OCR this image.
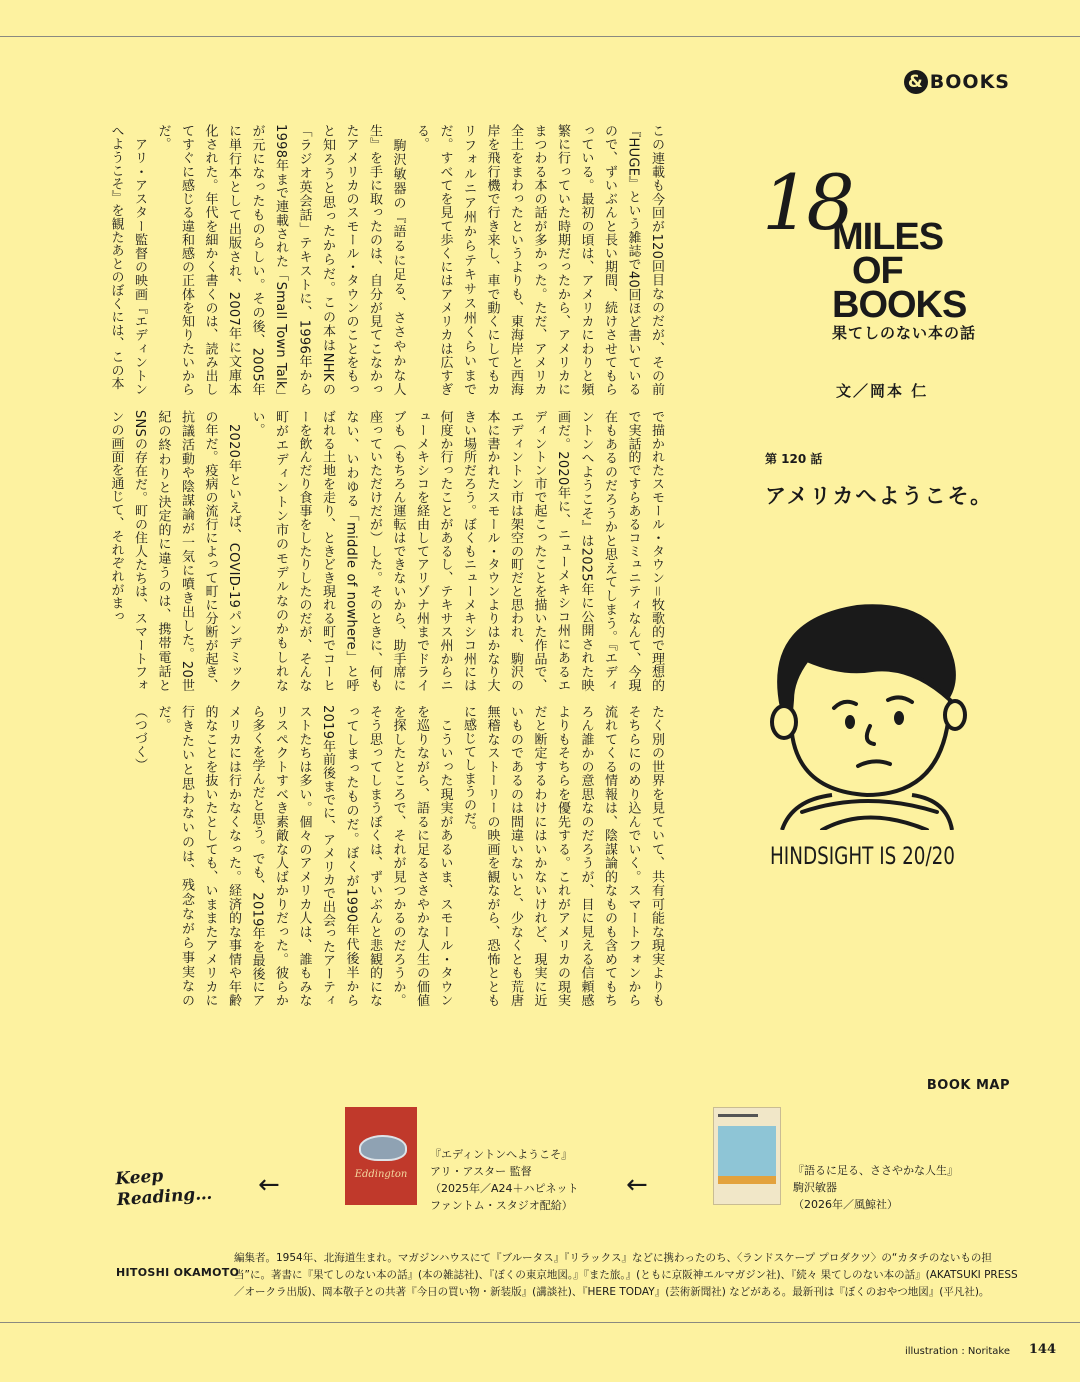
& BOOKS
この連載も今回が120回目なのだが、その前『HUGE』という雑誌で40回ほど書いているので、ずいぶんと長い期間、続けさせてもらっている。最初の頃は、アメリカにわりと頻繁に行っていた時期だったから、アメリカにまつわる本の話が多かった。ただ、アメリカ全土をまわったというよりも、東海岸と西海岸を飛行機で行き来し、車で動くにしてもカリフォルニア州からテキサス州くらいまでだ。すべてを見て歩くにはアメリカは広すぎる。
　駒沢敏器の『語るに足る、ささやかな人生』を手に取ったのは、自分が見てこなかったアメリカのスモール・タウンのことをもっと知ろうと思ったからだ。この本はNHKの「ラジオ英会話」テキストに、1996年から1998年まで連載された「Small Town Talk」が元になったものらしい。その後、2005年に単行本として出版され、2007年に文庫本化された。年代を細かく書くのは、読み出してすぐに感じる違和感の正体を知りたいからだ。
　アリ・アスター監督の映画『エディントンへようこそ』を観たあとのぼくには、この本
で描かれたスモール・タウン＝牧歌的で理想的で実話的ですらあるコミュニティなんて、今現在もあるのだろうかと思えてしまう。『エディントンへようこそ』は2025年に公開された映画だ。2020年に、ニューメキシコ州にあるエディントン市で起こったことを描いた作品で、エディントン市は架空の町だと思われ、駒沢の本に書かれたスモール・タウンよりはかなり大きい場所だろう。ぼくもニューメキシコ州には何度か行ったことがあるし、テキサス州からニューメキシコを経由してアリゾナ州までドライブも（もちろん運転はできないから、助手席に座っていただけだが）した。そのときに、何もない、いわゆる「middle of nowhere」と呼ばれる土地を走り、ときどき現れる町でコーヒーを飲んだり食事をしたりしたのだが、そんな町がエディントン市のモデルなのかもしれない。
　2020年といえば、COVID-19パンデミックの年だ。疫病の流行によって町に分断が起き、抗議活動や陰謀論が一気に噴き出した。20世紀の終わりと決定的に違うのは、携帯電話とSNSの存在だ。町の住人たちは、スマートフォンの画面を通じて、それぞれがまっ
たく別の世界を見ていて、共有可能な現実よりもそちらにのめり込んでいく。スマートフォンから流れてくる情報は、陰謀論的なものも含めてもちろん誰かの意思なのだろうが、目に見える信頼感よりもそちらを優先する。これがアメリカの現実だと断定するわけにはいかないけれど、現実に近いものであるのは間違いないと、少なくとも荒唐無稽なストーリーの映画を観ながら、恐怖とともに感じてしまうのだ。
　こういった現実があるいま、スモール・タウンを巡りながら、語るに足るささやかな人生の価値を探したところで、それが見つかるのだろうか。そう思ってしまうぼくは、ずいぶんと悲観的になってしまったものだ。ぼくが1990年代後半から2019年前後までに、アメリカで出会ったアーティストたちは多い。個々のアメリカ人は、誰もみなリスペクトすべき素敵な人ばかりだった。彼らから多くを学んだと思う。でも、2019年を最後にアメリカには行かなくなった。経済的な事情や年齢的なことを抜いたとしても、いままたアメリカに行きたいと思わないのは、残念ながら事実なのだ。
（つづく）
18
MILES
OF
BOOKS
果てしのない本の話
文／岡本 仁
第 120 話
アメリカへようこそ。
HINDSIGHT IS 20/20
BOOK MAP
Keep
Reading… ←	←
Eddington
『エディントンへようこそ』
アリ・アスター 監督
（2025年／A24＋ハピネット
ファントム・スタジオ配給）
『語るに足る、ささやかな人生』
駒沢敏器
（2026年／風鯨社）
HITOSHI OKAMOTO
編集者。1954年、北海道生まれ。マガジンハウスにて『ブルータス』『リラックス』などに携わったのち、〈ランドスケープ プロダクツ〉の“カタチのないもの担当”に。著書に『果てしのない本の話』(本の雑誌社)、『ぼくの東京地図。』『また旅。』(ともに京阪神エルマガジン社)、『続々 果てしのない本の話』(AKATSUKI PRESS／オークラ出版)、岡本敬子との共著『今日の買い物・新装版』(講談社)、『HERE TODAY』(芸術新聞社) などがある。最新刊は『ぼくのおやつ地図』(平凡社)。
illustration : Noritake 144
